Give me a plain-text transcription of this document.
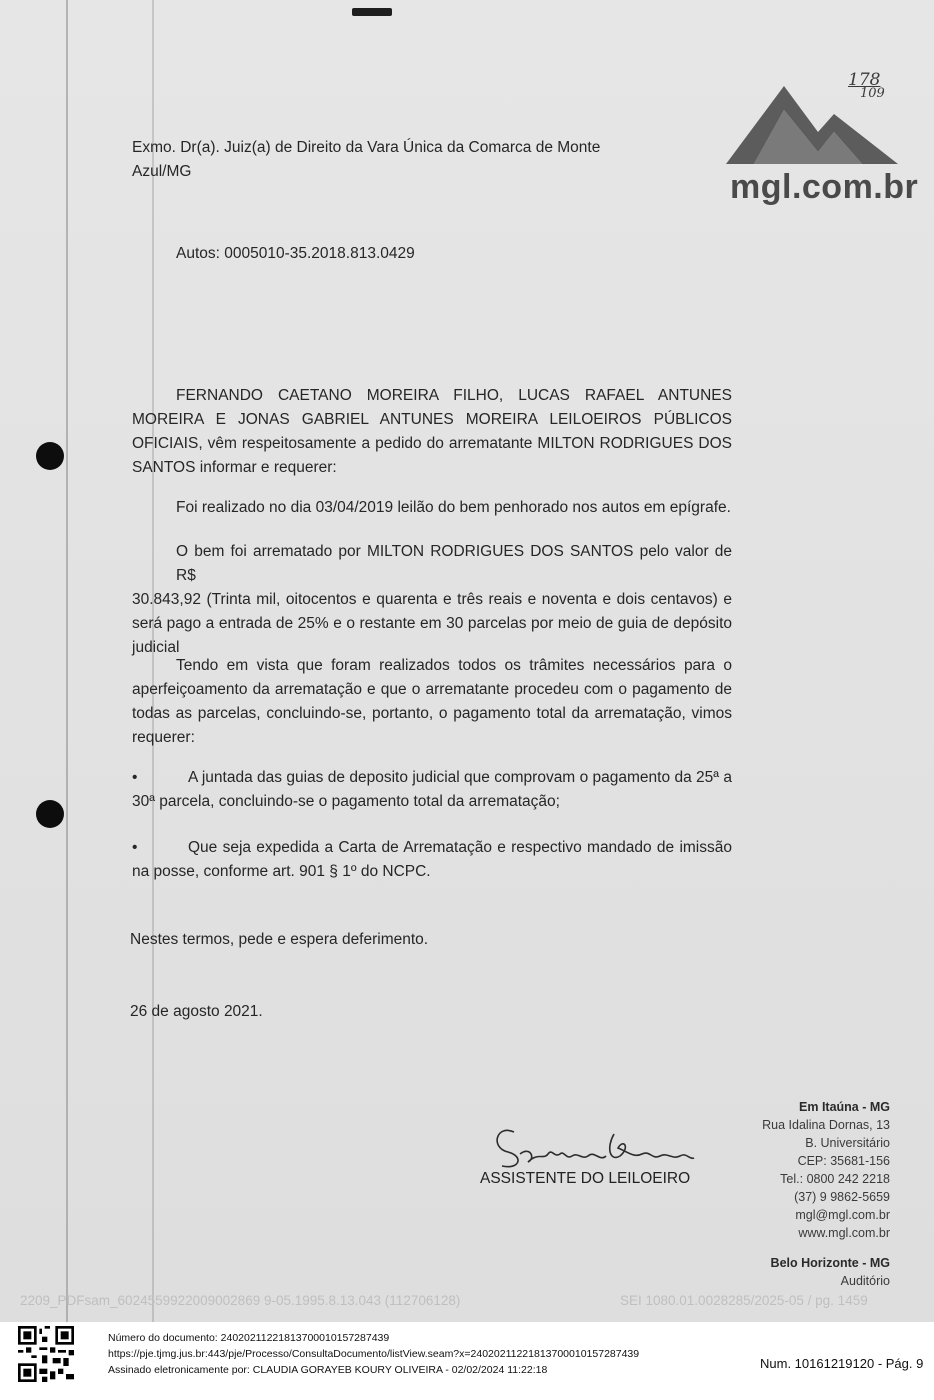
mgl.com.br
178
109
Exmo. Dr(a). Juiz(a) de Direito da Vara Única da Comarca de Monte
Azul/MG
Autos: 0005010-35.2018.813.0429
FERNANDO CAETANO MOREIRA FILHO, LUCAS RAFAEL ANTUNES
MOREIRA E JONAS GABRIEL ANTUNES MOREIRA LEILOEIROS PÚBLICOS
OFICIAIS, vêm respeitosamente a pedido do arrematante MILTON RODRIGUES DOS
SANTOS informar e requerer:
Foi realizado no dia 03/04/2019 leilão do bem penhorado nos autos em epígrafe.
O bem foi arrematado por MILTON RODRIGUES DOS SANTOS pelo valor de R$
30.843,92 (Trinta mil, oitocentos e quarenta e três reais e noventa e dois centavos) e
será pago a entrada de 25% e o restante em 30 parcelas por meio de guia de depósito
judicial
Tendo em vista que foram realizados todos os trâmites necessários para o
aperfeiçoamento da arrematação e que o arrematante procedeu com o pagamento de
todas as parcelas, concluindo-se, portanto, o pagamento total da arrematação, vimos
requerer:
•	A juntada das guias de deposito judicial que comprovam o pagamento da 25ª a
30ª parcela, concluindo-se o pagamento total da arrematação;
•	Que seja expedida a Carta de Arrematação e respectivo mandado de imissão
na posse, conforme art. 901 § 1º do NCPC.
Nestes termos, pede e espera deferimento.
26 de agosto 2021.
ASSISTENTE DO LEILOEIRO
Em Itaúna - MG
Rua Idalina Dornas, 13
B. Universitário
CEP: 35681-156
Tel.: 0800 242 2218
(37) 9 9862-5659
mgl@mgl.com.br
www.mgl.com.br
Belo Horizonte - MG
Auditório
2209_PDFsam_6024559922009002869 9-05.1995.8.13.043 (112706128)	SEI 1080.01.0028285/2025-05 / pg. 1459
Número do documento: 24020211221813700010157287439
https://pje.tjmg.jus.br:443/pje/Processo/ConsultaDocumento/listView.seam?x=24020211221813700010157287439
Assinado eletronicamente por: CLAUDIA GORAYEB KOURY OLIVEIRA - 02/02/2024 11:22:18	Num. 10161219120 - Pág. 9
